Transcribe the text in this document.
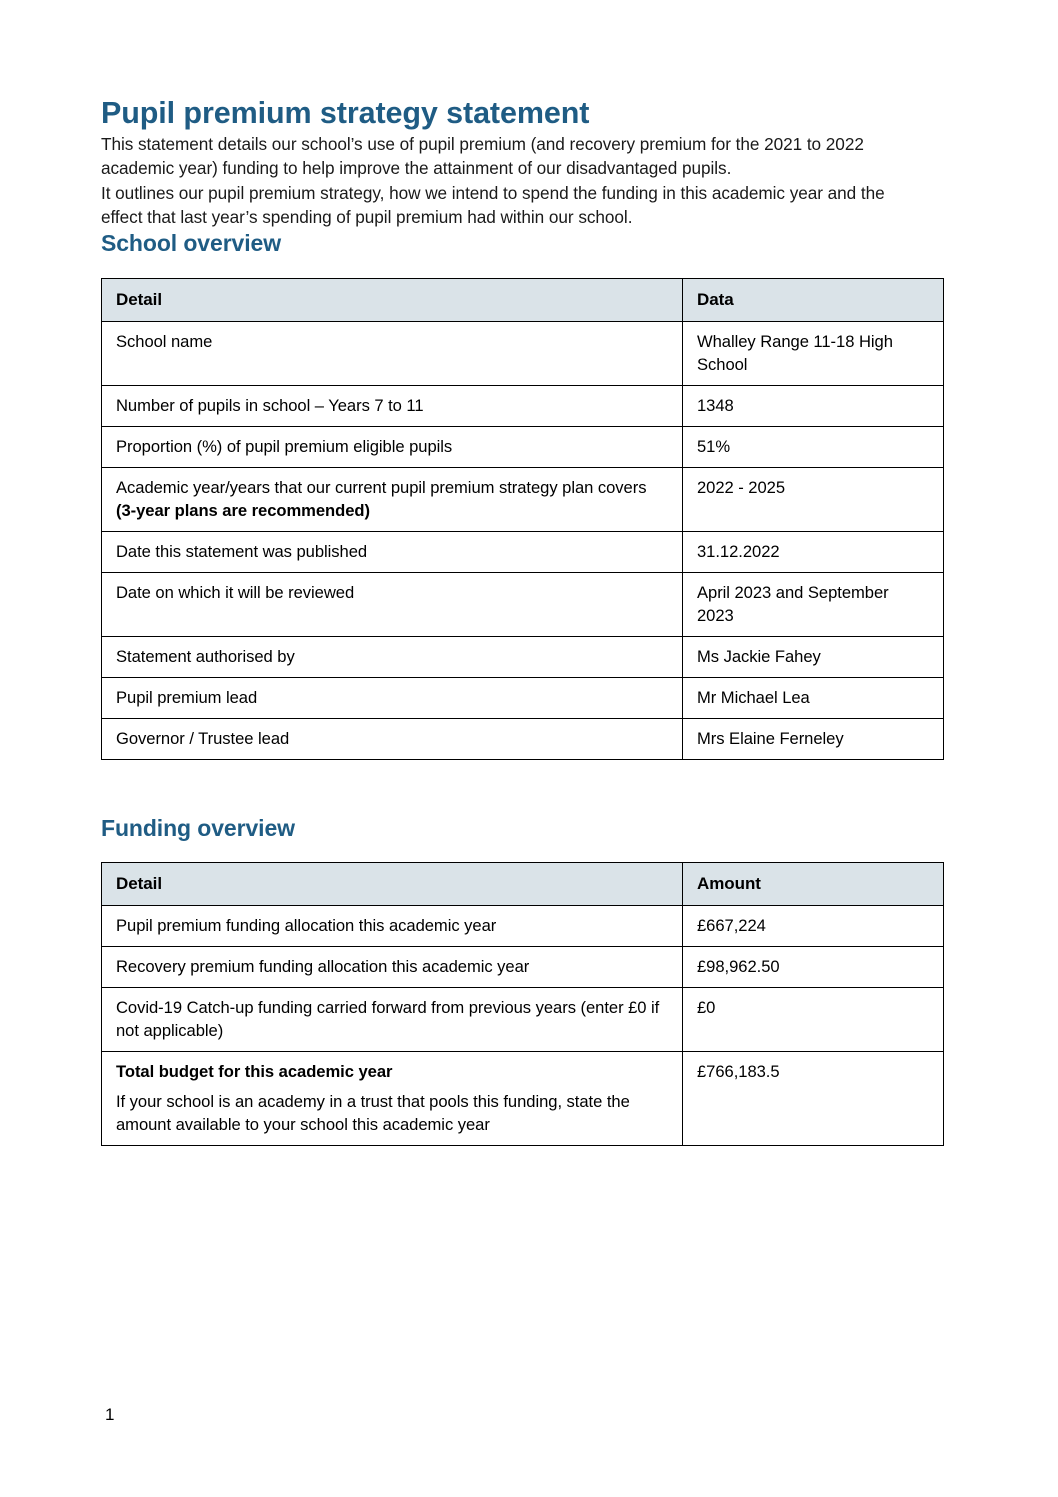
Pupil premium strategy statement

This statement details our school’s use of pupil premium (and recovery premium for the 2021 to 2022 academic year) funding to help improve the attainment of our disadvantaged pupils.

It outlines our pupil premium strategy, how we intend to spend the funding in this academic year and the effect that last year’s spending of pupil premium had within our school.

School overview
Detail	Data
School name	Whalley Range 11-18 High School
Number of pupils in school – Years 7 to 11	1348
Proportion (%) of pupil premium eligible pupils	51%
Academic year/years that our current pupil premium strategy plan covers (3-year plans are recommended)	2022 - 2025
Date this statement was published	31.12.2022
Date on which it will be reviewed	April 2023 and September 2023
Statement authorised by	Ms Jackie Fahey
Pupil premium lead	Mr Michael Lea
Governor / Trustee lead	Mrs Elaine Ferneley
Funding overview
Detail	Amount
Pupil premium funding allocation this academic year	£667,224
Recovery premium funding allocation this academic year	£98,962.50
Covid-19 Catch-up funding carried forward from previous years (enter £0 if not applicable)	£0
Total budget for this academic year
If your school is an academy in a trust that pools this funding, state the amount available to your school this academic year	£766,183.5
1
